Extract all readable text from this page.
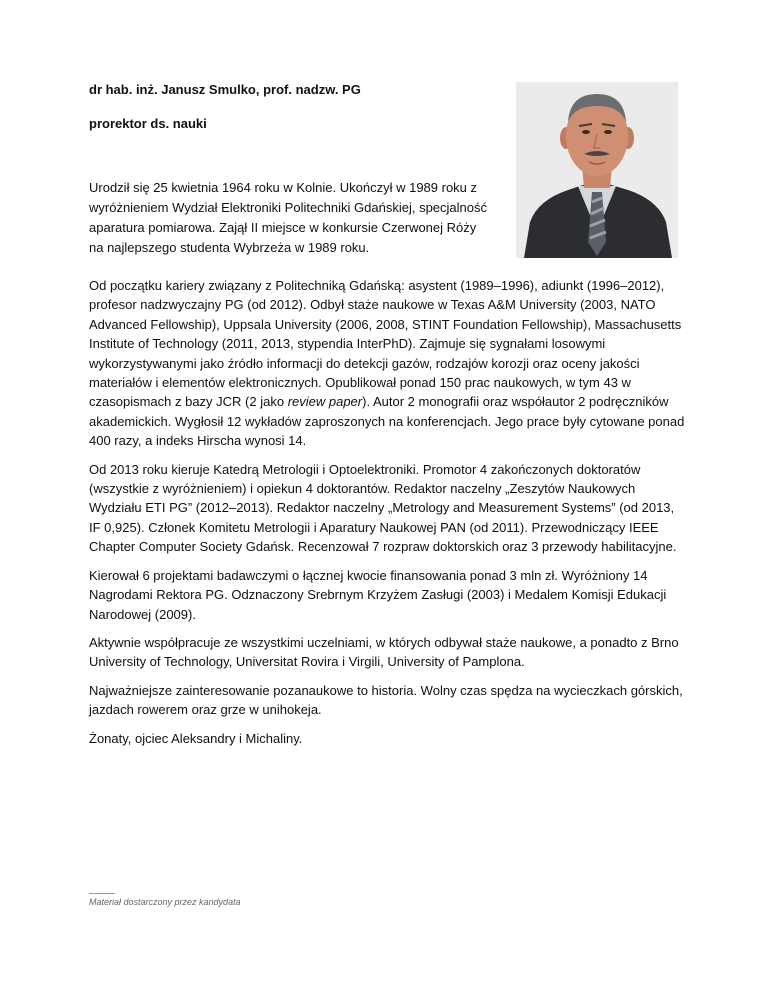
dr hab. inż. Janusz Smulko, prof. nadzw. PG
prorektor ds. nauki

Urodził się 25 kwietnia 1964 roku w Kolnie. Ukończył w 1989 roku z wyróżnieniem Wydział Elektroniki Politechniki Gdańskiej, specjalność aparatura pomiarowa. Zajął II miejsce w konkursie Czerwonej Róży na najlepszego studenta Wybrzeża w 1989 roku.

Od początku kariery związany z Politechniką Gdańską: asystent (1989–1996), adiunkt (1996–2012), profesor nadzwyczajny PG (od 2012). Odbył staże naukowe w Texas A&M University (2003, NATO Advanced Fellowship), Uppsala University (2006, 2008, STINT Foundation Fellowship), Massachusetts Institute of Technology (2011, 2013, stypendia InterPhD). Zajmuje się sygnałami losowymi wykorzystywanymi jako źródło informacji do detekcji gazów, rodzajów korozji oraz oceny jakości materiałów i elementów elektronicznych. Opublikował ponad 150 prac naukowych, w tym 43 w czasopismach z bazy JCR (2 jako review paper). Autor 2 monografii oraz współautor 2 podręczników akademickich. Wygłosił 12 wykładów zaproszonych na konferencjach. Jego prace były cytowane ponad 400 razy, a indeks Hirscha wynosi 14.

Od 2013 roku kieruje Katedrą Metrologii i Optoelektroniki. Promotor 4 zakończonych doktoratów (wszystkie z wyróżnieniem) i opiekun 4 doktorantów. Redaktor naczelny „Zeszytów Naukowych Wydziału ETI PG” (2012–2013). Redaktor naczelny „Metrology and Measurement Systems” (od 2013, IF 0,925). Członek Komitetu Metrologii i Aparatury Naukowej PAN (od 2011). Przewodniczący IEEE Chapter Computer Society Gdańsk. Recenzował 7 rozpraw doktorskich oraz 3 przewody habilitacyjne.

Kierował 6 projektami badawczymi o łącznej kwocie finansowania ponad 3 mln zł. Wyróżniony 14 Nagrodami Rektora PG. Odznaczony Srebrnym Krzyżem Zasługi (2003) i Medalem Komisji Edukacji Narodowej (2009).

Aktywnie współpracuje ze wszystkimi uczelniami, w których odbywał staże naukowe, a ponadto z Brno University of Technology, Universitat Rovira i Virgili, University of Pamplona.

Najważniejsze zainteresowanie pozanaukowe to historia. Wolny czas spędza na wycieczkach górskich, jazdach rowerem oraz grze w unihokeja.

Żonaty, ojciec Aleksandry i Michaliny.

Materiał dostarczony przez kandydata
